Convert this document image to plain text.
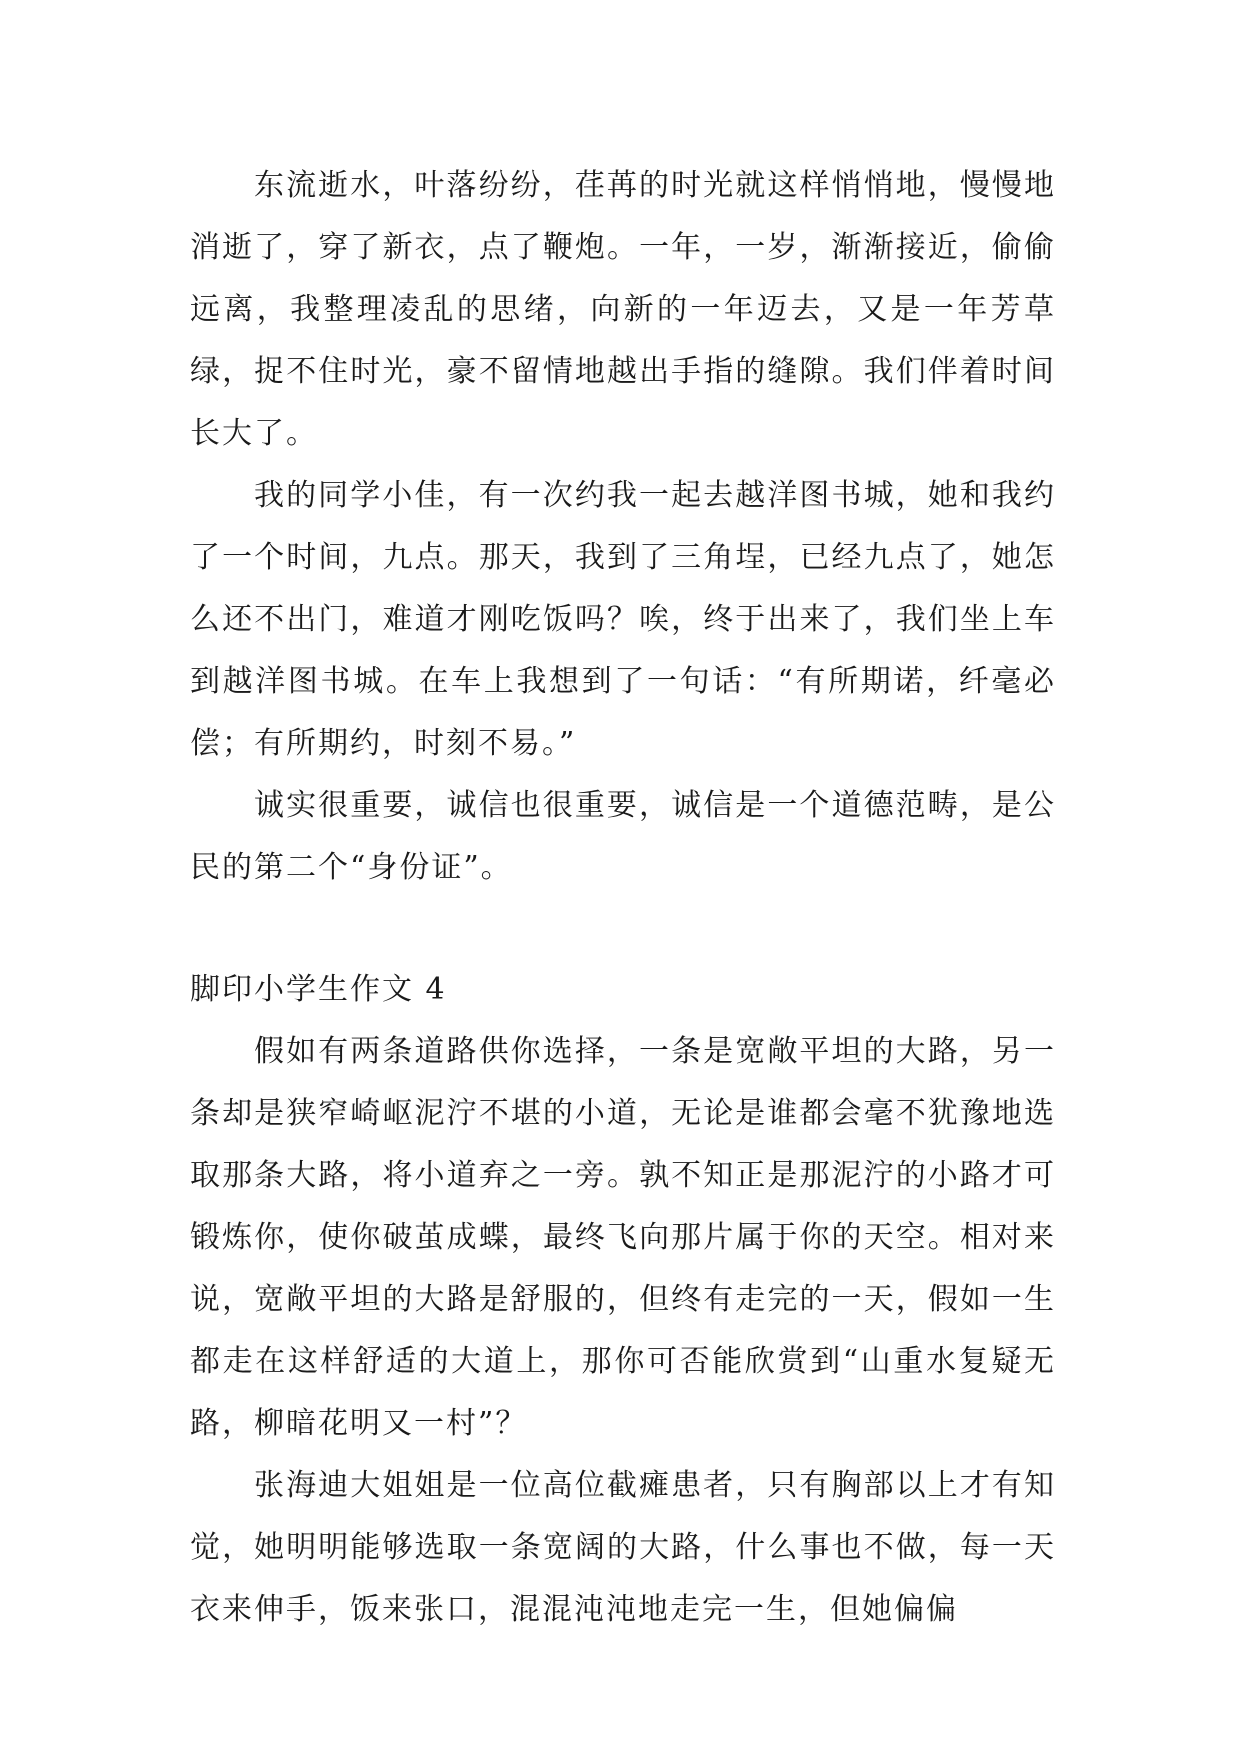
东流逝水，叶落纷纷，荏苒的时光就这样悄悄地，慢慢地消逝了，穿了新衣，点了鞭炮。一年，一岁，渐渐接近，偷偷远离，我整理凌乱的思绪，向新的一年迈去，又是一年芳草绿，捉不住时光，豪不留情地越出手指的缝隙。我们伴着时间长大了。

我的同学小佳，有一次约我一起去越洋图书城，她和我约了一个时间，九点。那天，我到了三角埕，已经九点了，她怎么还不出门，难道才刚吃饭吗？唉，终于出来了，我们坐上车到越洋图书城。在车上我想到了一句话：“有所期诺，纤毫必偿；有所期约，时刻不易。”

诚实很重要，诚信也很重要，诚信是一个道德范畴，是公民的第二个“身份证”。

脚印小学生作文 4

假如有两条道路供你选择，一条是宽敞平坦的大路，另一条却是狭窄崎岖泥泞不堪的小道，无论是谁都会毫不犹豫地选取那条大路，将小道弃之一旁。孰不知正是那泥泞的小路才可锻炼你，使你破茧成蝶，最终飞向那片属于你的天空。相对来说，宽敞平坦的大路是舒服的，但终有走完的一天，假如一生都走在这样舒适的大道上，那你可否能欣赏到“山重水复疑无路，柳暗花明又一村”？

张海迪大姐姐是一位高位截瘫患者，只有胸部以上才有知觉，她明明能够选取一条宽阔的大路，什么事也不做，每一天衣来伸手，饭来张口，混混沌沌地走完一生，但她偏偏
